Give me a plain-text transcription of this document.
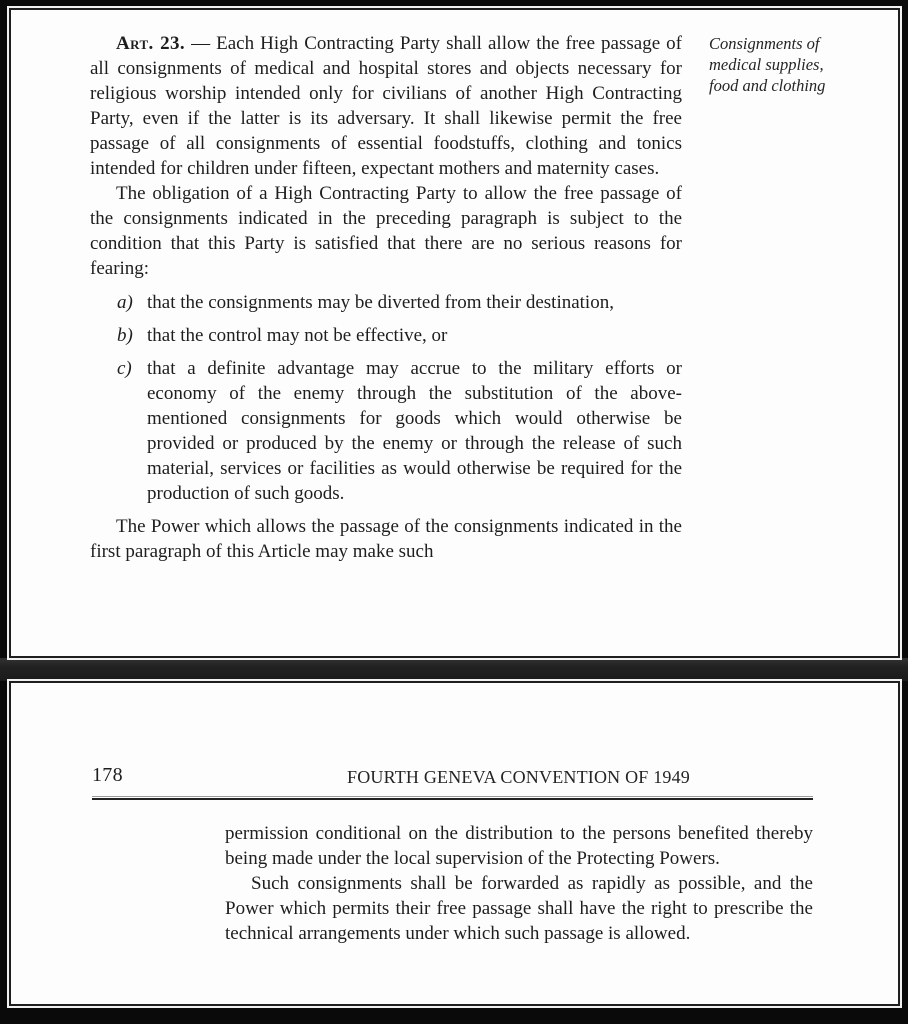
Art. 23. — Each High Contracting Party shall allow the free passage of all consignments of medical and hospital stores and objects necessary for religious worship intended only for civilians of another High Contracting Party, even if the latter is its adversary. It shall likewise permit the free passage of all consignments of essential foodstuffs, clothing and tonics intended for children under fifteen, expectant mothers and maternity cases.

The obligation of a High Contracting Party to allow the free passage of the consignments indicated in the preceding paragraph is subject to the condition that this Party is satisfied that there are no serious reasons for fearing:

a) that the consignments may be diverted from their destination,
b) that the control may not be effective, or
c) that a definite advantage may accrue to the military efforts or economy of the enemy through the substitution of the above-mentioned consignments for goods which would otherwise be provided or produced by the enemy or through the release of such material, services or facilities as would otherwise be required for the production of such goods.

The Power which allows the passage of the consignments indicated in the first paragraph of this Article may make such

Consignments of medical supplies, food and clothing
178	FOURTH GENEVA CONVENTION OF 1949

permission conditional on the distribution to the persons benefited thereby being made under the local supervision of the Protecting Powers.

Such consignments shall be forwarded as rapidly as possible, and the Power which permits their free passage shall have the right to prescribe the technical arrangements under which such passage is allowed.
